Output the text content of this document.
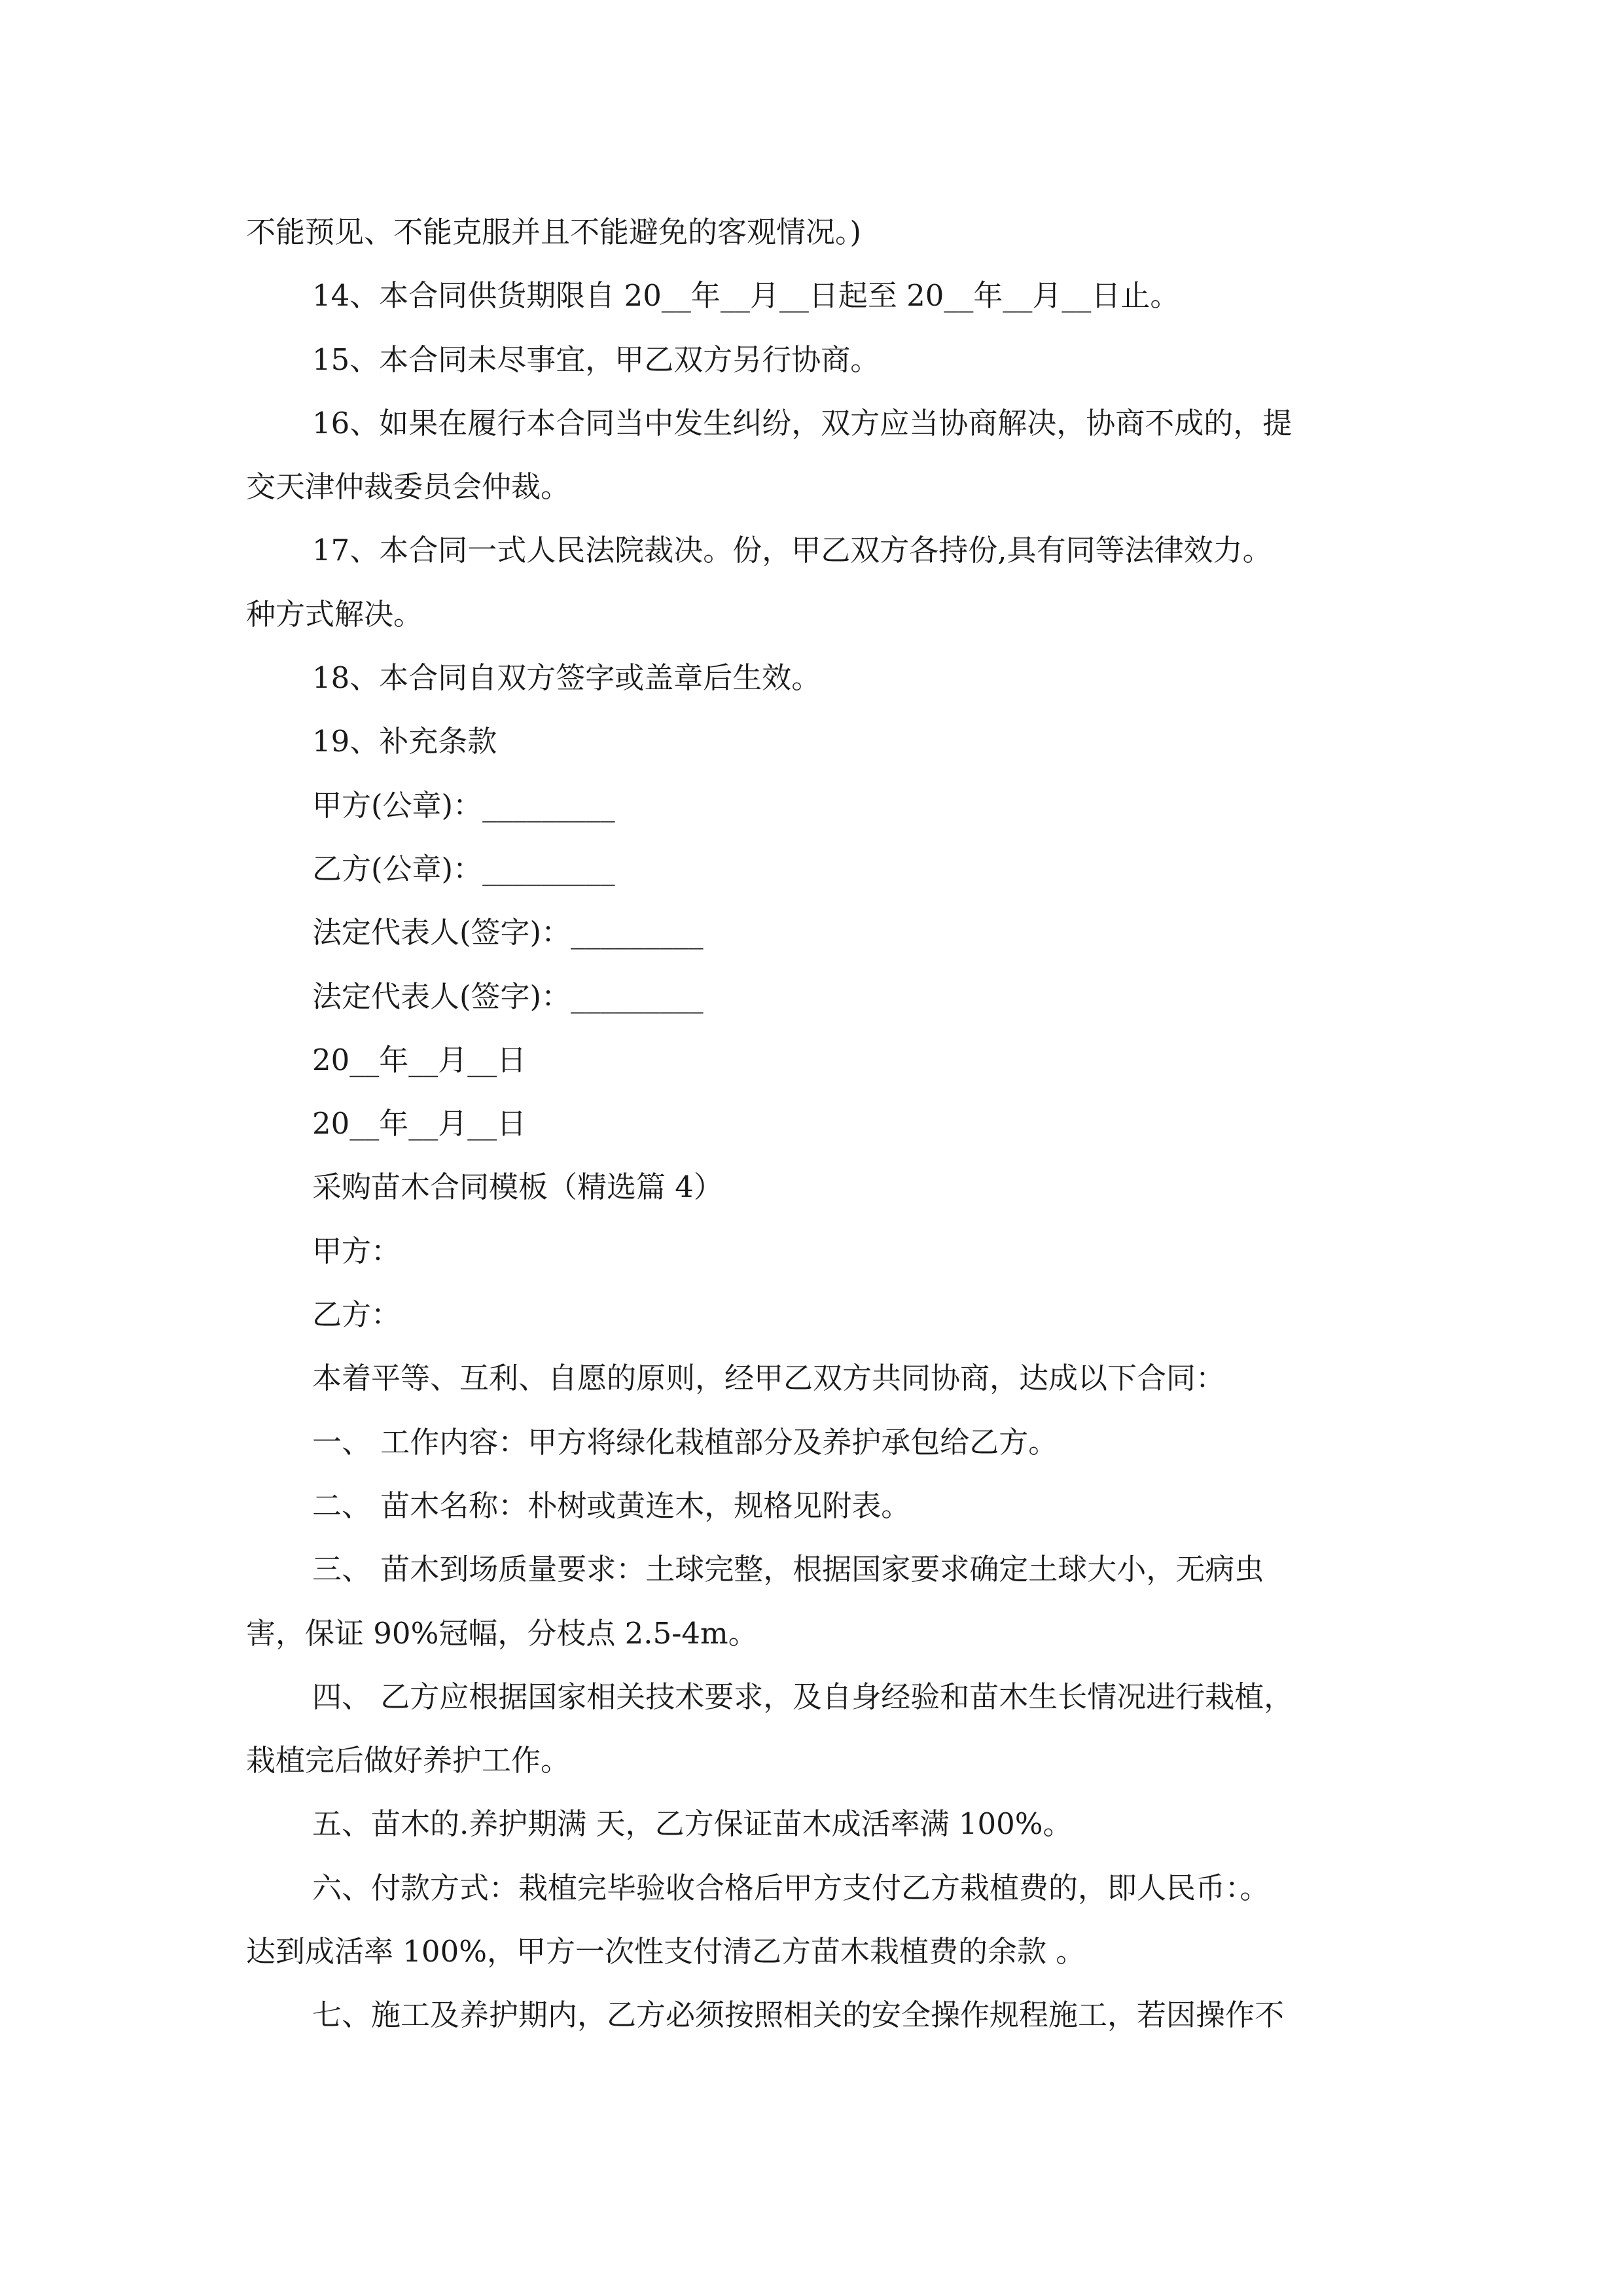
不能预见、不能克服并且不能避免的客观情况。)
14、本合同供货期限自 20__年__月__日起至 20__年__月__日止。
15、本合同未尽事宜，甲乙双方另行协商。
16、如果在履行本合同当中发生纠纷，双方应当协商解决，协商不成的，提
交天津仲裁委员会仲裁。
17、本合同一式人民法院裁决。份，甲乙双方各持份,具有同等法律效力。
种方式解决。
18、本合同自双方签字或盖章后生效。
19、补充条款
甲方(公章)：_________
乙方(公章)：_________
法定代表人(签字)：_________
法定代表人(签字)：_________
20__年__月__日
20__年__月__日
采购苗木合同模板（精选篇 4）
甲方：
乙方：
本着平等、互利、自愿的原则，经甲乙双方共同协商，达成以下合同：
一、 工作内容：甲方将绿化栽植部分及养护承包给乙方。
二、 苗木名称：朴树或黄连木，规格见附表。
三、 苗木到场质量要求：土球完整，根据国家要求确定土球大小，无病虫
害，保证 90%冠幅，分枝点 2.5-4m。
四、 乙方应根据国家相关技术要求，及自身经验和苗木生长情况进行栽植，
栽植完后做好养护工作。
五、苗木的.养护期满 天，乙方保证苗木成活率满 100%。
六、付款方式：栽植完毕验收合格后甲方支付乙方栽植费的，即人民币：。
达到成活率 100%，甲方一次性支付清乙方苗木栽植费的余款 。
七、施工及养护期内，乙方必须按照相关的安全操作规程施工，若因操作不
